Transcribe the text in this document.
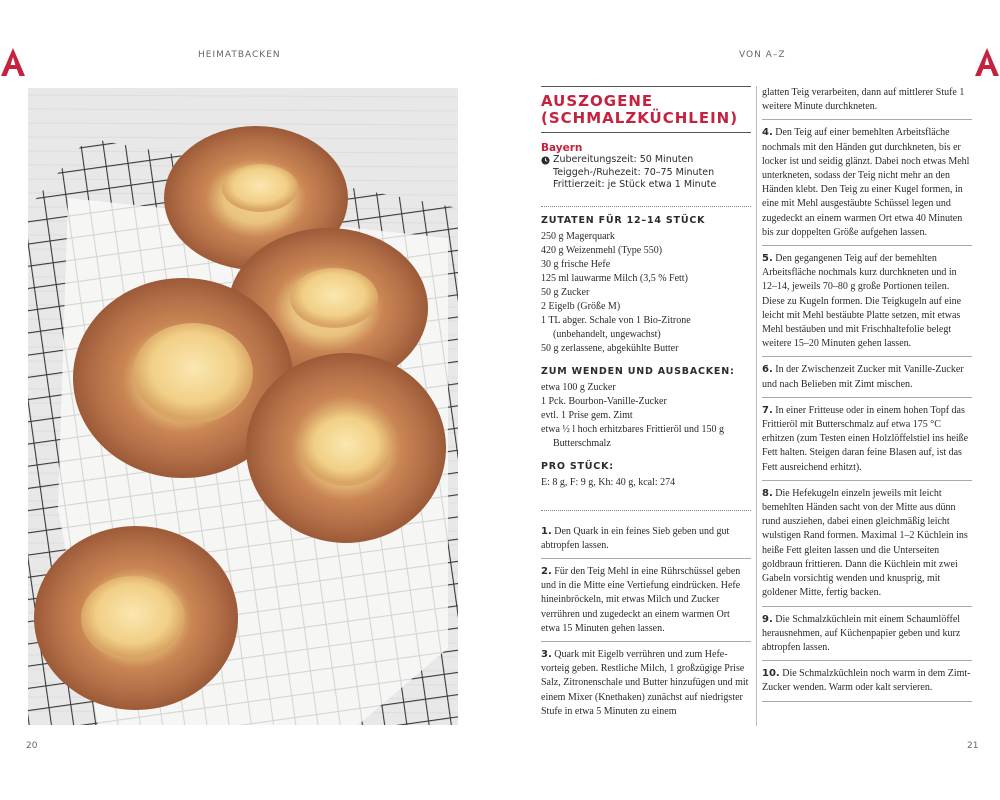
HEIMATBACKEN	VON A–Z
20	21
AUSZOGENE
(SCHMALZKÜCHLEIN)
Bayern
Zubereitungszeit: 50 Minuten
Teiggeh-/Ruhezeit: 70–75 Minuten
Frittierzeit: je Stück etwa 1 Minute
ZUTATEN FÜR 12–14 STÜCK
250 g Magerquark
420 g Weizenmehl (Type 550)
30 g frische Hefe
125 ml lauwarme Milch (3,5 % Fett)
50 g Zucker
2 Eigelb (Größe M)
1 TL abger. Schale von 1 Bio-Zitrone
(unbehandelt, ungewachst)
50 g zerlassene, abgekühlte Butter
ZUM WENDEN UND AUSBACKEN:
etwa 100 g Zucker
1 Pck. Bourbon-Vanille-Zucker
evtl. 1 Prise gem. Zimt
etwa ½ l hoch erhitzbares Frittieröl und 150 g
Butterschmalz
PRO STÜCK:
E: 8 g, F: 9 g, Kh: 40 g, kcal: 274
1. Den Quark in ein feines Sieb geben und gut abtropfen lassen.
2. Für den Teig Mehl in eine Rührschüssel geben und in die Mitte eine Vertiefung eindrücken. Hefe hineinbröckeln, mit etwas Milch und Zucker verrühren und zugedeckt an einem warmen Ort etwa 15 Minuten gehen lassen.
3. Quark mit Eigelb verrühren und zum Hefe-vorteig geben. Restliche Milch, 1 großzügige Prise Salz, Zitronenschale und Butter hinzufügen und mit einem Mixer (Knethaken) zunächst auf niedrigster Stufe in etwa 5 Minuten zu einem
glatten Teig verarbeiten, dann auf mittlerer Stufe 1 weitere Minute durchkneten.
4. Den Teig auf einer bemehlten Arbeitsfläche nochmals mit den Händen gut durchkneten, bis er locker ist und seidig glänzt. Dabei noch etwas Mehl unterkneten, sodass der Teig nicht mehr an den Händen klebt. Den Teig zu einer Kugel formen, in eine mit Mehl ausgestäubte Schüssel legen und zugedeckt an einem warmen Ort etwa 40 Minuten bis zur doppelten Größe aufgehen lassen.
5. Den gegangenen Teig auf der bemehlten Arbeitsfläche nochmals kurz durchkneten und in 12–14, jeweils 70–80 g große Portionen teilen. Diese zu Kugeln formen. Die Teigkugeln auf eine leicht mit Mehl bestäubte Platte setzen, mit etwas Mehl bestäuben und mit Frischhaltefolie belegt weitere 15–20 Minuten gehen lassen.
6. In der Zwischenzeit Zucker mit Vanille-Zucker und nach Belieben mit Zimt mischen.
7. In einer Fritteuse oder in einem hohen Topf das Frittieröl mit Butterschmalz auf etwa 175 °C erhitzen (zum Testen einen Holzlöffelstiel ins heiße Fett halten. Steigen daran feine Blasen auf, ist das Fett ausreichend erhitzt).
8. Die Hefekugeln einzeln jeweils mit leicht bemehlten Händen sacht von der Mitte aus dünn rund ausziehen, dabei einen gleichmäßig leicht wulstigen Rand formen. Maximal 1–2 Küchlein ins heiße Fett gleiten lassen und die Unterseiten goldbraun frittieren. Dann die Küchlein mit zwei Gabeln vorsichtig wenden und knusprig, mit goldener Mitte, fertig backen.
9. Die Schmalzküchlein mit einem Schaumlöffel herausnehmen, auf Küchenpapier geben und kurz abtropfen lassen.
10. Die Schmalzküchlein noch warm in dem Zimt-Zucker wenden. Warm oder kalt servieren.
